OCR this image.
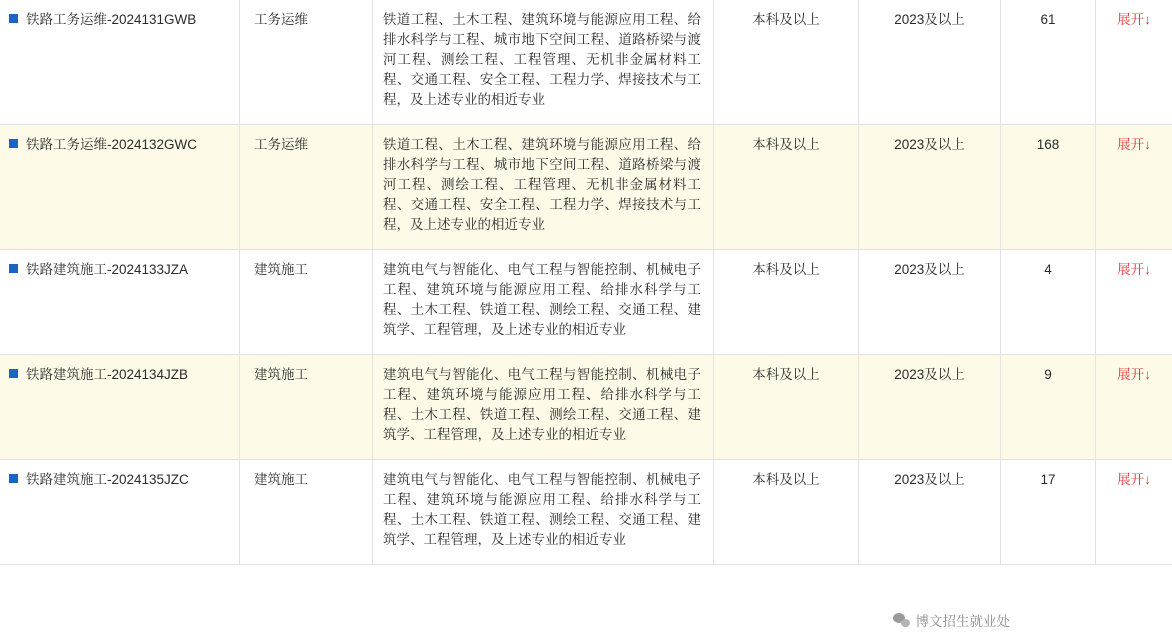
铁路工务运维-2024131GWB	工务运维	铁道工程、土木工程、建筑环境与能源应用工程、给排水科学与工程、城市地下空间工程、道路桥梁与渡河工程、测绘工程、工程管理、无机非金属材料工程、交通工程、安全工程、工程力学、焊接技术与工程，及上述专业的相近专业	本科及以上	2023及以上	61	展开↓

铁路工务运维-2024132GWC	工务运维	铁道工程、土木工程、建筑环境与能源应用工程、给排水科学与工程、城市地下空间工程、道路桥梁与渡河工程、测绘工程、工程管理、无机非金属材料工程、交通工程、安全工程、工程力学、焊接技术与工程，及上述专业的相近专业	本科及以上	2023及以上	168	展开↓

铁路建筑施工-2024133JZA	建筑施工	建筑电气与智能化、电气工程与智能控制、机械电子工程、建筑环境与能源应用工程、给排水科学与工程、土木工程、铁道工程、测绘工程、交通工程、建筑学、工程管理，及上述专业的相近专业	本科及以上	2023及以上	4	展开↓

铁路建筑施工-2024134JZB	建筑施工	建筑电气与智能化、电气工程与智能控制、机械电子工程、建筑环境与能源应用工程、给排水科学与工程、土木工程、铁道工程、测绘工程、交通工程、建筑学、工程管理，及上述专业的相近专业	本科及以上	2023及以上	9	展开↓

铁路建筑施工-2024135JZC	建筑施工	建筑电气与智能化、电气工程与智能控制、机械电子工程、建筑环境与能源应用工程、给排水科学与工程、土木工程、铁道工程、测绘工程、交通工程、建筑学、工程管理，及上述专业的相近专业	本科及以上	2023及以上	17	展开↓
博文招生就业处
